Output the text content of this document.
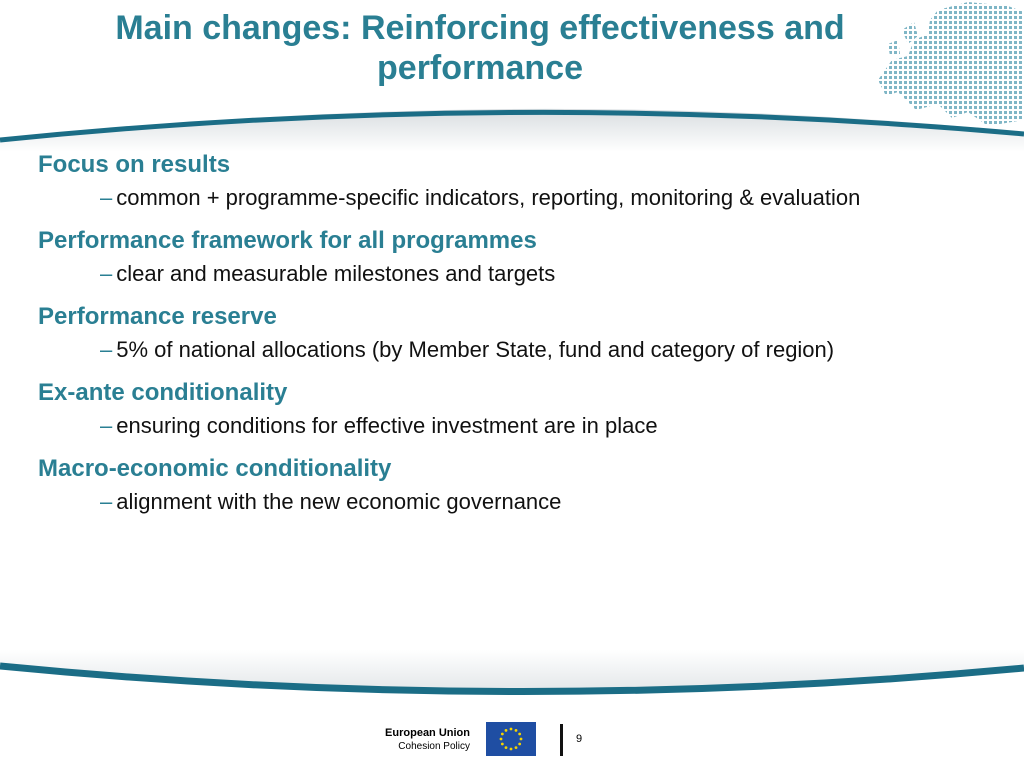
Main changes: Reinforcing effectiveness and performance

Focus on results

– common + programme-specific indicators, reporting, monitoring & evaluation

Performance framework for all programmes

– clear and measurable milestones and targets

Performance reserve

– 5% of national allocations (by Member State, fund and category of region)

Ex-ante conditionality

– ensuring conditions for effective investment are in place

Macro-economic conditionality

– alignment with the new economic governance

European Union
Cohesion Policy
9
